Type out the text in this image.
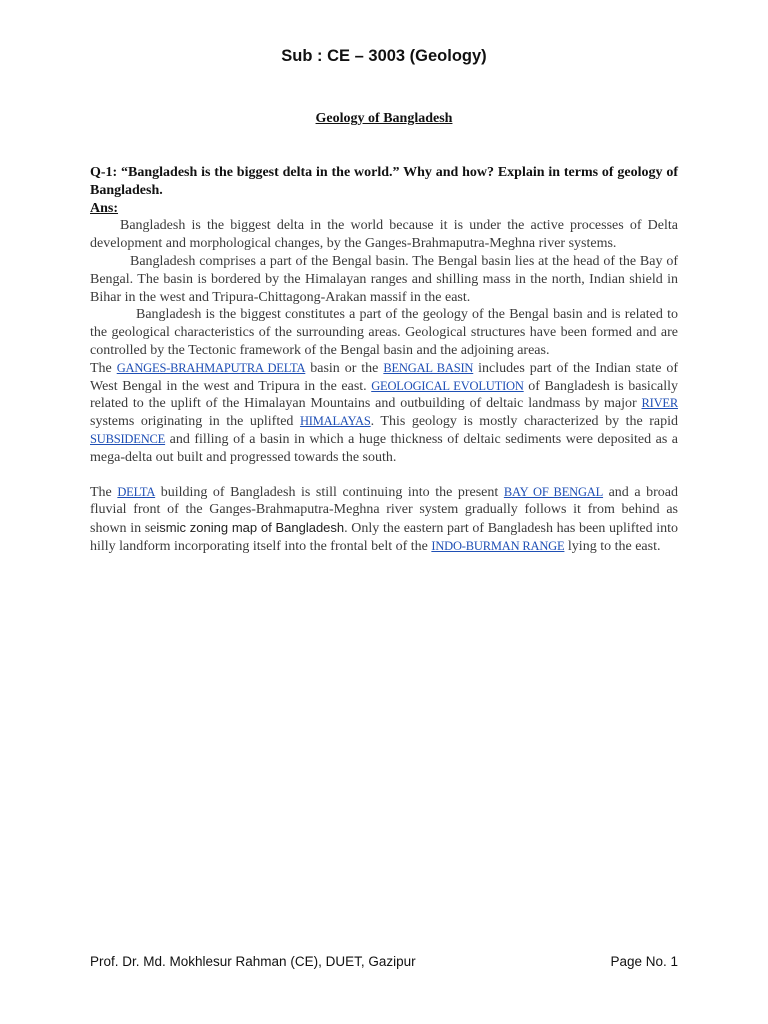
Sub : CE – 3003 (Geology)
Geology of Bangladesh

Q-1: “Bangladesh is the biggest delta in the world.” Why and how? Explain in terms of geology of Bangladesh.

Ans:

Bangladesh is the biggest delta in the world because it is under the active processes of Delta development and morphological changes, by the Ganges-Brahmaputra-Meghna river systems.

Bangladesh comprises a part of the Bengal basin. The Bengal basin lies at the head of the Bay of Bengal. The basin is bordered by the Himalayan ranges and shilling mass in the north, Indian shield in Bihar in the west and Tripura-Chittagong-Arakan massif in the east.

Bangladesh is the biggest constitutes a part of the geology of the Bengal basin and is related to the geological characteristics of the surrounding areas. Geological structures have been formed and are controlled by the Tectonic framework of the Bengal basin and the adjoining areas.

The GANGES-BRAHMAPUTRA DELTA basin or the BENGAL BASIN includes part of the Indian state of West Bengal in the west and Tripura in the east. GEOLOGICAL EVOLUTION of Bangladesh is basically related to the uplift of the Himalayan Mountains and outbuilding of deltaic landmass by major RIVER systems originating in the uplifted HIMALAYAS. This geology is mostly characterized by the rapid SUBSIDENCE and filling of a basin in which a huge thickness of deltaic sediments were deposited as a mega-delta out built and progressed towards the south.

The DELTA building of Bangladesh is still continuing into the present BAY OF BENGAL and a broad fluvial front of the Ganges-Brahmaputra-Meghna river system gradually follows it from behind as shown in seismic zoning map of Bangladesh. Only the eastern part of Bangladesh has been uplifted into hilly landform incorporating itself into the frontal belt of the INDO-BURMAN RANGE lying to the east.

Prof. Dr. Md. Mokhlesur Rahman (CE), DUET, Gazipur	Page No. 1
